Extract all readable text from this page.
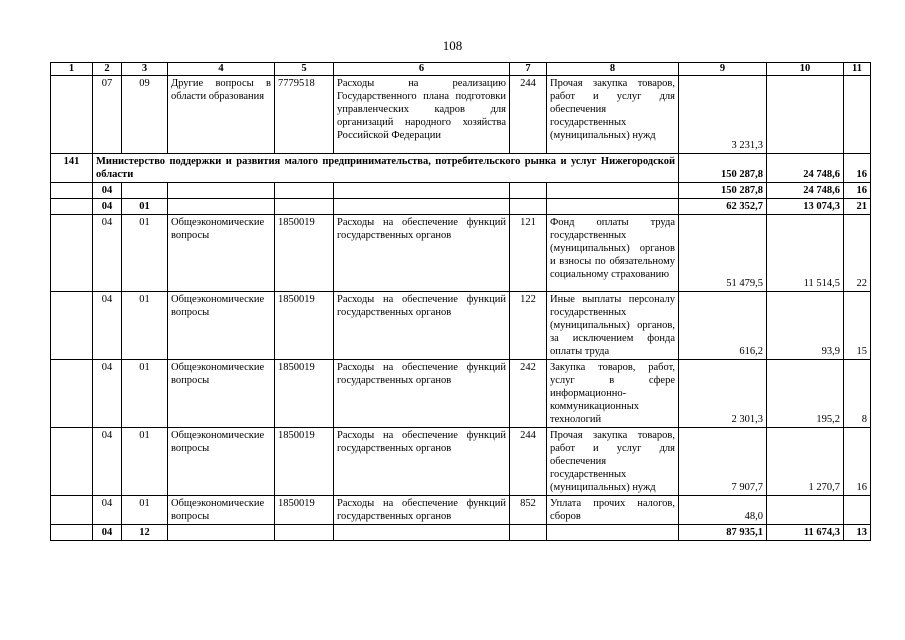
108
1	2	3	4	5	6	7	8	9	10	11
	07	09	Другие вопросы в области образования	7779518	Расходы на реализацию Государственного плана подготовки управленческих кадров для организаций народного хозяйства Российской Федерации	244	Прочая закупка товаров, работ и услуг для обеспечения государственных (муниципальных) нужд	3 231,3		
141	Министерство поддержки и развития малого предпринимательства, потребительского рынка и услуг Нижегородской области							150 287,8	24 748,6	16
	04							150 287,8	24 748,6	16
	04	01						62 352,7	13 074,3	21
	04	01	Общеэкономические вопросы	1850019	Расходы на обеспечение функций государственных органов	121	Фонд оплаты труда государственных (муниципальных) органов и взносы по обязательному социальному страхованию	51 479,5	11 514,5	22
	04	01	Общеэкономические вопросы	1850019	Расходы на обеспечение функций государственных органов	122	Иные выплаты персоналу государственных (муниципальных) органов, за исключением фонда оплаты труда	616,2	93,9	15
	04	01	Общеэкономические вопросы	1850019	Расходы на обеспечение функций государственных органов	242	Закупка товаров, работ, услуг в сфере информационно-коммуникационных технологий	2 301,3	195,2	8
	04	01	Общеэкономические вопросы	1850019	Расходы на обеспечение функций государственных органов	244	Прочая закупка товаров, работ и услуг для обеспечения государственных (муниципальных) нужд	7 907,7	1 270,7	16
	04	01	Общеэкономические вопросы	1850019	Расходы на обеспечение функций государственных органов	852	Уплата прочих налогов, сборов	48,0		
	04	12						87 935,1	11 674,3	13
